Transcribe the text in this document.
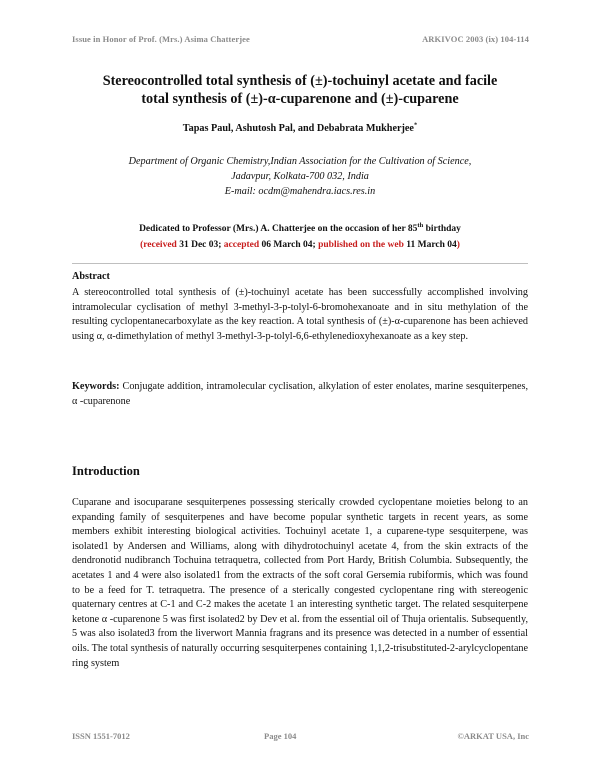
Issue in Honor of Prof. (Mrs.) Asima Chatterjee	ARKIVOC 2003 (ix) 104-114
Stereocontrolled total synthesis of (±)-tochuinyl acetate and facile
total synthesis of (±)-α-cuparenone and (±)-cuparene
Tapas Paul, Ashutosh Pal, and Debabrata Mukherjee*
Department of Organic Chemistry,Indian Association for the Cultivation of Science,
Jadavpur, Kolkata-700 032, India
E-mail: ocdm@mahendra.iacs.res.in
Dedicated to Professor (Mrs.) A. Chatterjee on the occasion of her 85th birthday
(received 31 Dec 03; accepted 06 March 04; published on the web 11 March 04)
Abstract
A stereocontrolled total synthesis of (±)-tochuinyl acetate has been successfully accomplished involving intramolecular cyclisation of methyl 3-methyl-3-p-tolyl-6-bromohexanoate and in situ methylation of the resulting cyclopentanecarboxylate as the key reaction. A total synthesis of (±)-α-cuparenone has been achieved using α, α-dimethylation of methyl 3-methyl-3-p-tolyl-6,6-ethylenedioxyhexanoate as a key step.
Keywords: Conjugate addition, intramolecular cyclisation, alkylation of ester enolates, marine sesquiterpenes, α -cuparenone
Introduction
Cuparane and isocuparane sesquiterpenes possessing sterically crowded cyclopentane moieties belong to an expanding family of sesquiterpenes and have become popular synthetic targets in recent years, as some members exhibit interesting biological activities. Tochuinyl acetate 1, a cuparene-type sesquiterpene, was isolated1 by Andersen and Williams, along with dihydrotochuinyl acetate 4, from the skin extracts of the dendronotid nudibranch Tochuina tetraquetra, collected from Port Hardy, British Columbia. Subsequently, the acetates 1 and 4 were also isolated1 from the extracts of the soft coral Gersemia rubiformis, which was found to be a feed for T. tetraquetra. The presence of a sterically congested cyclopentane ring with stereogenic quaternary centres at C-1 and C-2 makes the acetate 1 an interesting synthetic target. The related sesquiterpene ketone α -cuparenone 5 was first isolated2 by Dev et al. from the essential oil of Thuja orientalis. Subsequently, 5 was also isolated3 from the liverwort Mannia fragrans and its presence was detected in a number of essential oils. The total synthesis of naturally occurring sesquiterpenes containing 1,1,2-trisubstituted-2-arylcyclopentane ring system
ISSN 1551-7012	Page 104	©ARKAT USA, Inc
